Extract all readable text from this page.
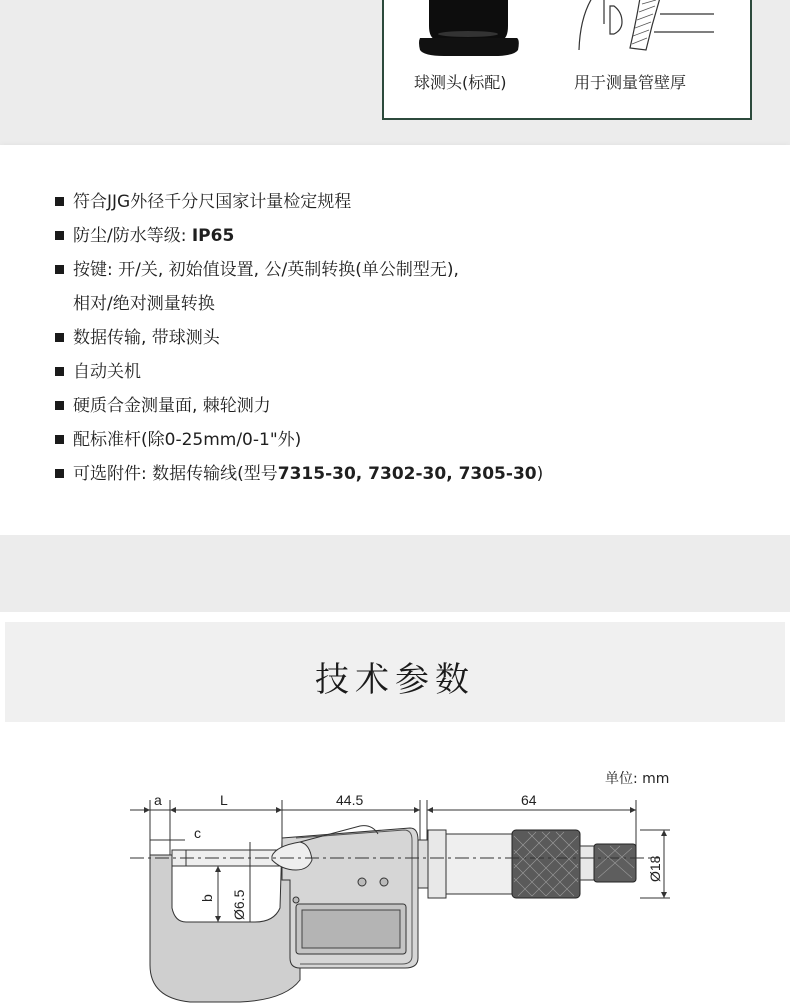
球测头(标配)	用于测量管壁厚
符合JJG外径千分尺国家计量检定规程
防尘/防水等级: IP65
按键: 开/关, 初始值设置, 公/英制转换(单公制型无),
相对/绝对测量转换
数据传输, 带球测头
自动关机
硬质合金测量面, 棘轮测力
配标准杆(除0-25mm/0-1"外)
可选附件: 数据传输线(型号7315-30, 7302-30, 7305-30)
技术参数
单位: mm
a	L	44.5	64
c
b Ø6.5
Ø18
